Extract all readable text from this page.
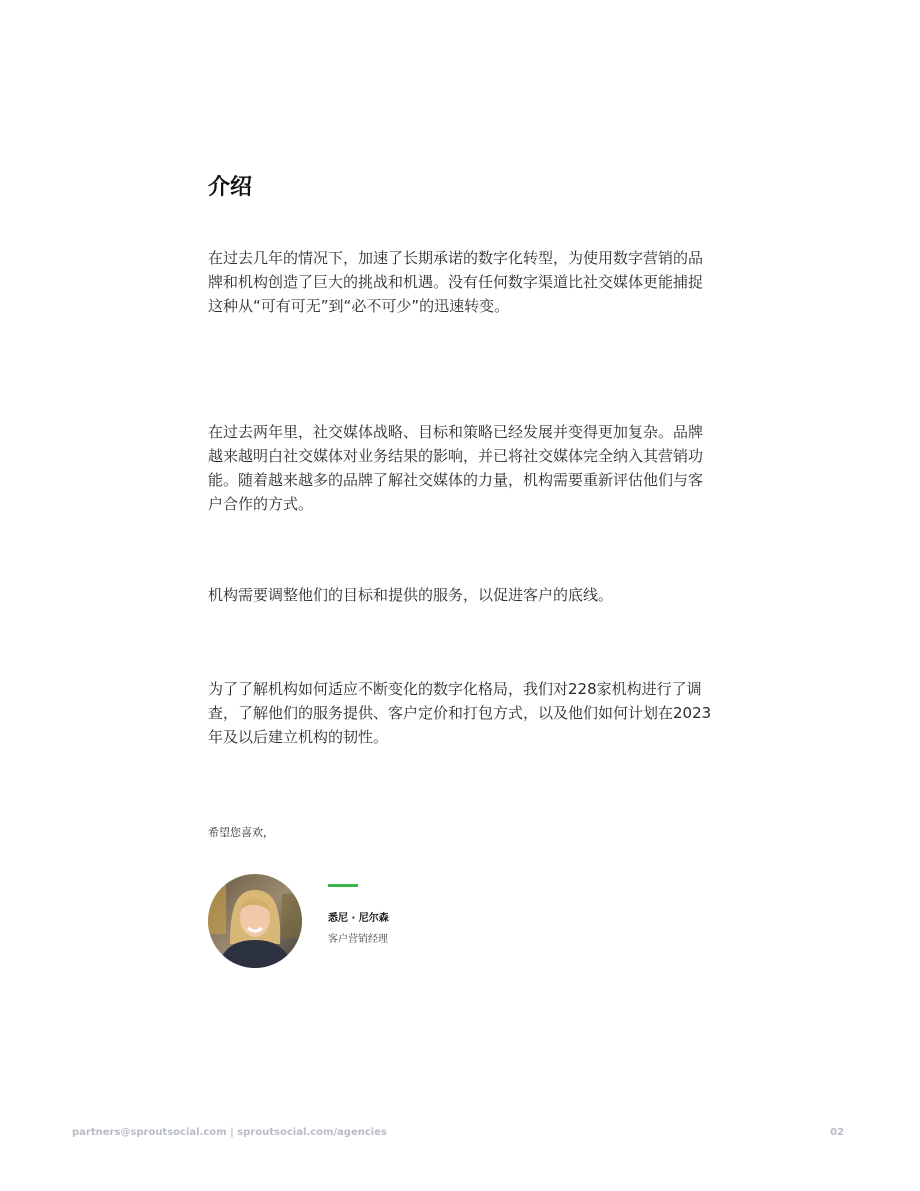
介绍

在过去几年的情况下，加速了长期承诺的数字化转型，为使用数字营销的品牌和机构创造了巨大的挑战和机遇。没有任何数字渠道比社交媒体更能捕捉这种从“可有可无”到“必不可少”的迅速转变。

在过去两年里，社交媒体战略、目标和策略已经发展并变得更加复杂。品牌越来越明白社交媒体对业务结果的影响，并已将社交媒体完全纳入其营销功能。随着越来越多的品牌了解社交媒体的力量，机构需要重新评估他们与客户合作的方式。

机构需要调整他们的目标和提供的服务，以促进客户的底线。

为了了解机构如何适应不断变化的数字化格局，我们对228家机构进行了调查，了解他们的服务提供、客户定价和打包方式，以及他们如何计划在2023年及以后建立机构的韧性。

希望您喜欢，
悉尼 · 尼尔森
客户营销经理
partners@sproutsocial.com | sproutsocial.com/agencies	02
